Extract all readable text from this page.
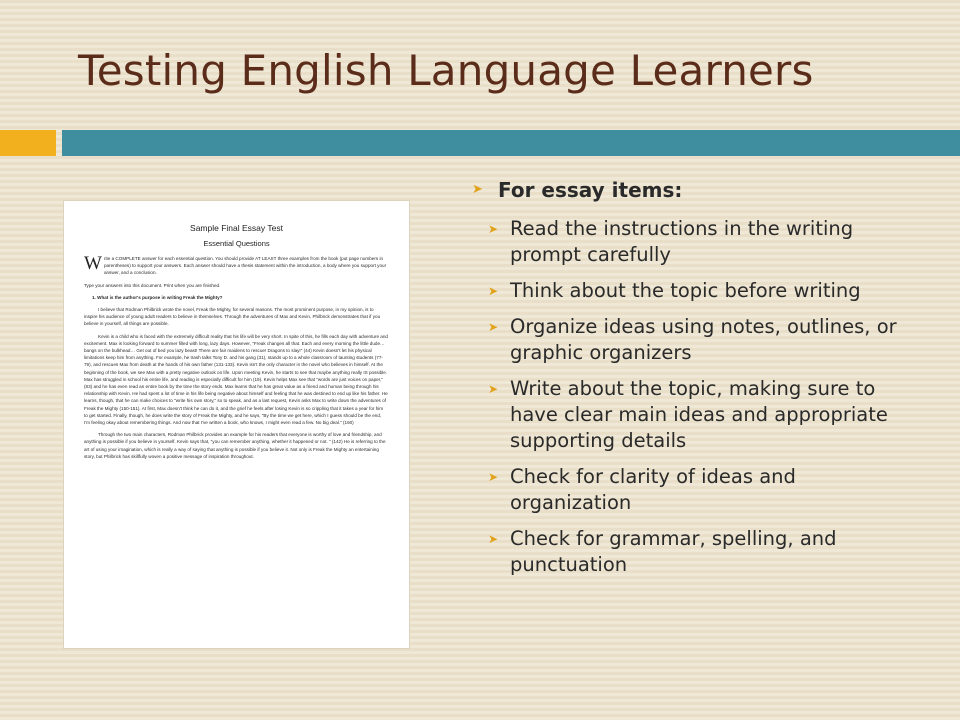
Testing English Language Learners
Sample Final Essay Test
Essential Questions

Write a COMPLETE answer for each essential question. You should provide AT LEAST three examples from the book (put page numbers in parentheses) to support your answers. Each answer should have a thesis statement within the introduction, a body where you support your answer, and a conclusion.

Type your answers into this document. Print when you are finished.

1. What is the author's purpose in writing Freak the Mighty?

I believe that Rodman Philbrick wrote the novel, Freak the Mighty, for several reasons. The most prominent purpose, in my opinion, is to inspire his audience of young adult readers to believe in themselves. Through the adventures of Max and Kevin, Philbrick demonstrates that if you believe in yourself, all things are possible.

Kevin is a child who is faced with the extremely difficult reality that his life will be very short. In spite of this, he fills each day with adventure and excitement. Max is looking forward to summer filled with long, lazy days. However, "Freak changes all that. Each and every morning the little dude…bangs on the bulkhead… Get out of bed you lazy beast! There are fair maidens to rescue! Dragons to slay!" (44) Kevin doesn't let his physical limitations keep him from anything. For example, he trash talks Tony D. and his gang (31), stands up to a whole classroom of taunting students (77-79), and rescues Max from death at the hands of his own father (131-133). Kevin isn't the only character in the novel who believes in himself. At the beginning of the book, we see Max with a pretty negative outlook on life. Upon meeting Kevin, he starts to see that maybe anything really IS possible. Max has struggled in school his entire life, and reading is especially difficult for him (19). Kevin helps Max see that "words are just voices on paper," (83) and he has even read an entire book by the time the story ends. Max learns that he has great value as a friend and human being through his relationship with Kevin. He had spent a lot of time in his life being negative about himself and feeling that he was destined to end up like his father. He learns, though, that he can make choices to "write his own story," so to speak, and as a last request, Kevin asks Max to write down the adventures of Freak the Mighty (150-151). At first, Max doesn't think he can do it, and the grief he feels after losing Kevin is so crippling that it takes a year for him to get started. Finally, though, he does write the story of Freak the Mighty, and he says, "By the time we get here, which I guess should be the end, I'm feeling okay about remembering things. And now that I've written a book, who knows, I might even read a few. No big deal." (160)

Through the two main characters, Rodman Philbrick provides an example for his readers that everyone is worthy of love and friendship, and anything is possible if you believe in yourself. Kevin says that, "you can remember anything, whether it happened or not. " (142) He is referring to the art of using your imagination, which is really a way of saying that anything is possible if you believe it. Not only is Freak the Mighty an entertaining story, but Philbrick has skillfully woven a positive message of inspiration throughout.

➤ For essay items:
➤ Read the instructions in the writing prompt carefully
➤ Think about the topic before writing
➤ Organize ideas using notes, outlines, or graphic organizers
➤ Write about the topic, making sure to have clear main ideas and appropriate supporting details
➤ Check for clarity of ideas and organization
➤ Check for grammar, spelling, and punctuation
